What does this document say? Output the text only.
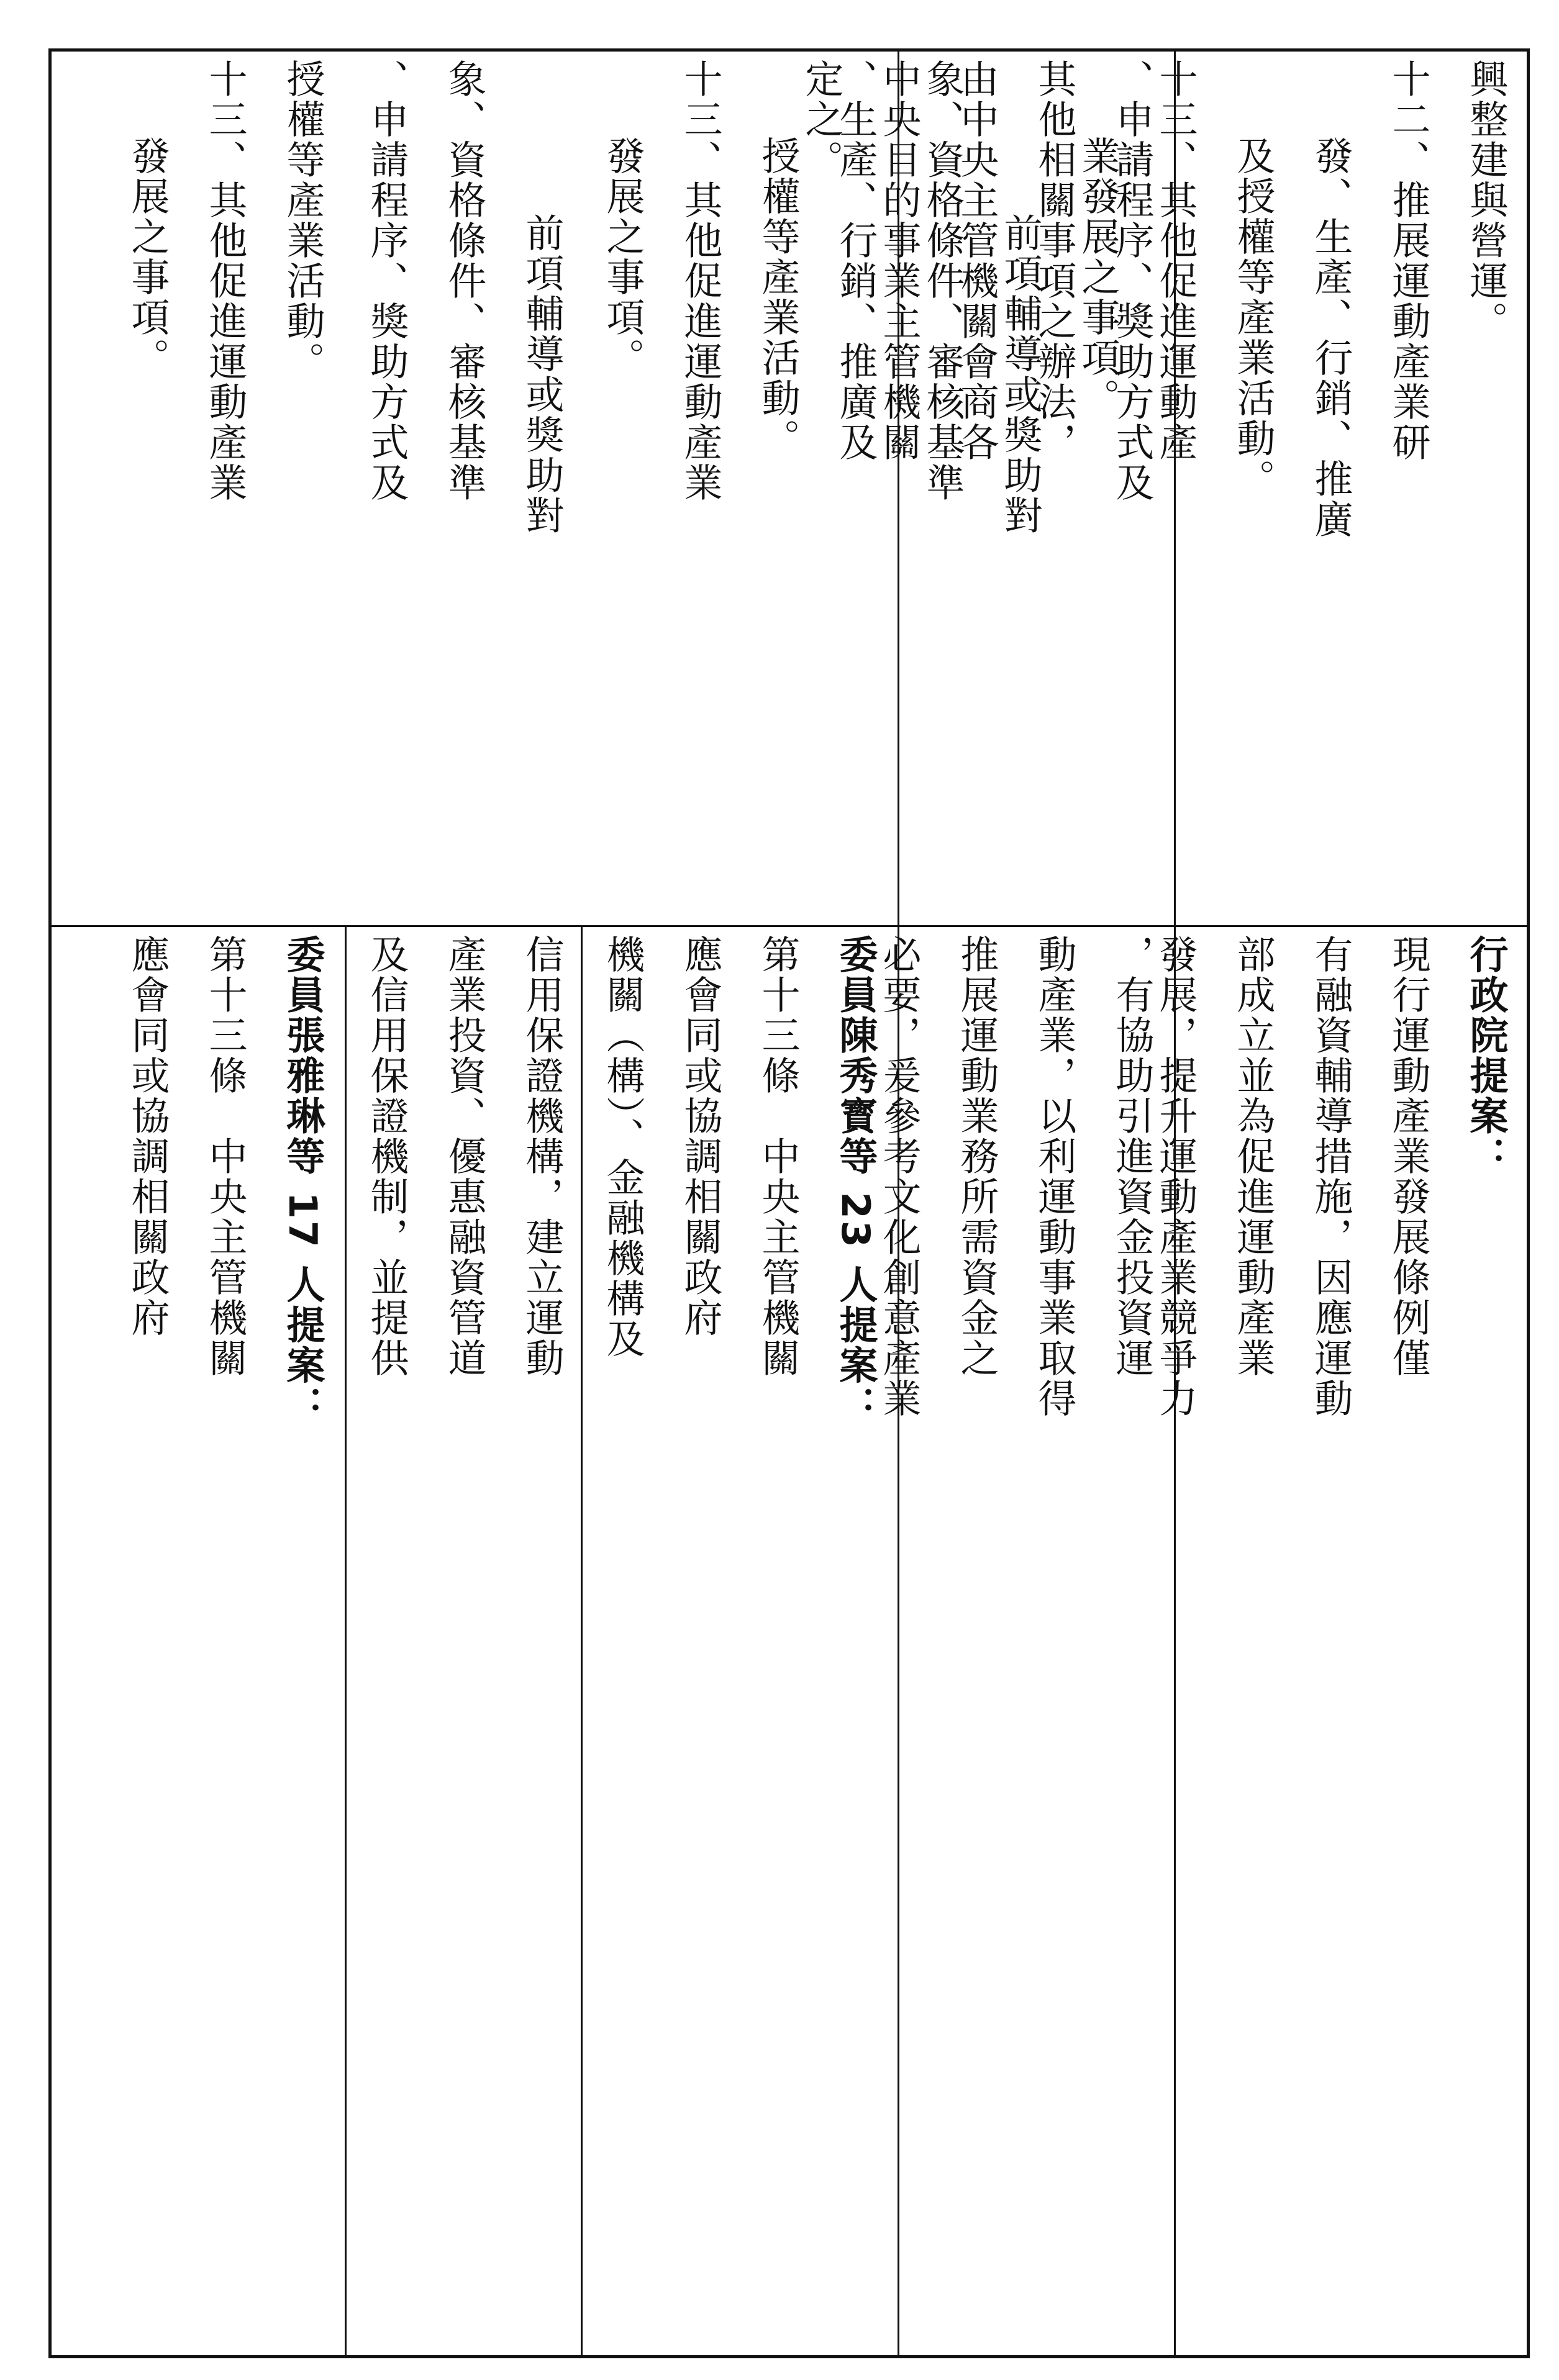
興整建與營運。
十二、推展運動產業研
發、生產、行銷、推廣
及授權等產業活動。
十三、其他促進運動產
業發展之事項。
前項輔導或獎助對
象、資格條件、審核基準	、申請程序、獎助方式及
其他相關事項之辦法，
由中央主管機關會商各
中央目的事業主管機關
定之。
行政院提案：
現行運動產業發展條例僅
有融資輔導措施，因應運動
部成立並為促進運動產業
發展，提升運動產業競爭力
，有協助引進資金投資運
動產業，以利運動事業取得
推展運動業務所需資金之
必要，爰參考文化創意產業
、生產、行銷、推廣及
授權等產業活動。
十三、其他促進運動產業
發展之事項。
前項輔導或獎助對
象、資格條件、審核基準
、申請程序、獎助方式及
委員陳秀寳等 23 人提案：
第十三條　中央主管機關
應會同或協調相關政府
機關（構）、金融機構及
信用保證機構，建立運動
產業投資、優惠融資管道
及信用保證機制，並提供
授權等產業活動。
十三、其他促進運動產業
發展之事項。
委員張雅琳等 17 人提案：
第十三條　中央主管機關
應會同或協調相關政府
